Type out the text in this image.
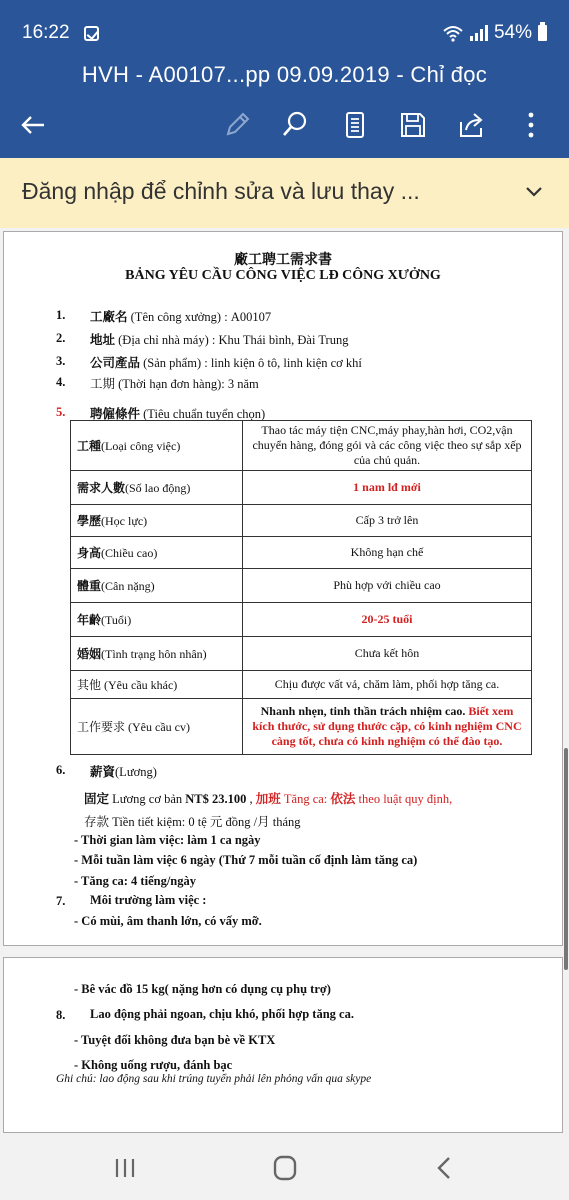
16:22	54%
HVH - A00107...pp 09.09.2019 - Chỉ đọc
Đăng nhập để chỉnh sửa và lưu thay ...
廠工聘工需求書
BẢNG YÊU CẦU CÔNG VIỆC LĐ CÔNG XƯỞNG
1. 工廠名 (Tên công xưởng) : A00107
2. 地址 (Địa chỉ nhà máy) : Khu Thái bình, Đài Trung
3. 公司產品 (Sản phẩm) : linh kiện ô tô, linh kiện cơ khí
4. 工期 (Thời hạn đơn hàng): 3 năm
5. 聘僱條件 (Tiêu chuẩn tuyển chọn)
工種(Loại công việc)	Thao tác máy tiện CNC,máy phay,hàn hơi, CO2,vận chuyển hàng, đóng gói và các công việc theo sự sắp xếp của chủ quản.
需求人數(Số lao động)	1 nam lđ mới
學歷(Học lực)	Cấp 3 trở lên
身高(Chiều cao)	Không hạn chế
體重(Cân nặng)	Phù hợp với chiều cao
年齡(Tuổi)	20-25 tuổi
婚姻(Tình trạng hôn nhân)	Chưa kết hôn
其他 (Yêu cầu khác)	Chịu được vất vả, chăm làm, phối hợp tăng ca.
工作要求 (Yêu cầu cv)	Nhanh nhẹn, tinh thần trách nhiệm cao. Biết xem kích thước, sử dụng thước cặp, có kinh nghiệm CNC càng tốt, chưa có kinh nghiệm có thể đào tạo.
6. 薪資(Lương)
固定 Lương cơ bản NT$ 23.100 , 加班 Tăng ca: 依法 theo luật quy định,
存款 Tiền tiết kiệm: 0 tệ 元 đồng /月 tháng
- Thời gian làm việc: làm 1 ca ngày
- Mỗi tuần làm việc 6 ngày (Thứ 7 mỗi tuần cố định làm tăng ca)
- Tăng ca: 4 tiếng/ngày
7. Môi trường làm việc :
- Có mùi, âm thanh lớn, có vấy mỡ.
- Bê vác đồ 15 kg( nặng hơn có dụng cụ phụ trợ)
8. Lao động phải ngoan, chịu khó, phối hợp tăng ca.
- Tuyệt đối không đưa bạn bè về KTX
- Không uống rượu, đánh bạc
Ghi chú: lao động sau khi trúng tuyển phải lên phỏng vấn qua skype
